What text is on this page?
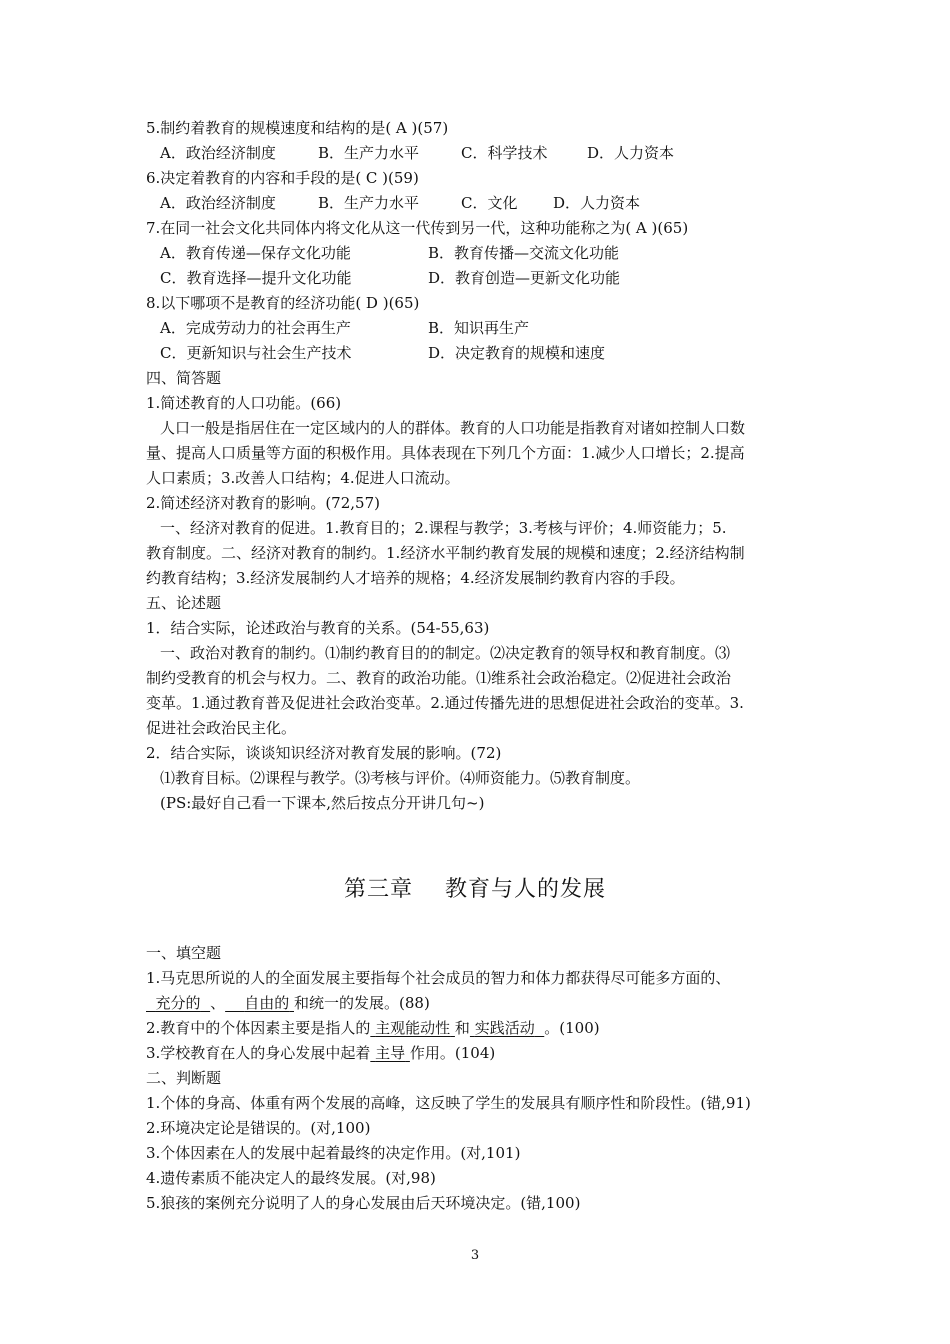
5.制约着教育的规模速度和结构的是( A )(57)
A．政治经济制度	B．生产力水平	C．科学技术	D．人力资本
6.决定着教育的内容和手段的是( C )(59)
A．政治经济制度	B．生产力水平	C．文化 D．人力资本
7.在同一社会文化共同体内将文化从这一代传到另一代，这种功能称之为( A )(65)
A．教育传递—保存文化功能	B．教育传播—交流文化功能
C．教育选择—提升文化功能	D．教育创造—更新文化功能
8.以下哪项不是教育的经济功能( D )(65)
A．完成劳动力的社会再生产	B．知识再生产
C．更新知识与社会生产技术	D．决定教育的规模和速度
四、简答题
1.简述教育的人口功能。(66)
人口一般是指居住在一定区域内的人的群体。教育的人口功能是指教育对诸如控制人口数
量、提高人口质量等方面的积极作用。具体表现在下列几个方面：1.减少人口增长；2.提高
人口素质；3.改善人口结构；4.促进人口流动。
2.简述经济对教育的影响。(72,57)
一、经济对教育的促进。1.教育目的；2.课程与教学；3.考核与评价；4.师资能力；5.
教育制度。二、经济对教育的制约。1.经济水平制约教育发展的规模和速度；2.经济结构制
约教育结构；3.经济发展制约人才培养的规格；4.经济发展制约教育内容的手段。
五、论述题
1．结合实际，论述政治与教育的关系。(54-55,63)
一、政治对教育的制约。⑴制约教育目的的制定。⑵决定教育的领导权和教育制度。⑶
制约受教育的机会与权力。二、教育的政治功能。⑴维系社会政治稳定。⑵促进社会政治
变革。1.通过教育普及促进社会政治变革。2.通过传播先进的思想促进社会政治的变革。3.
促进社会政治民主化。
2．结合实际，谈谈知识经济对教育发展的影响。(72)
⑴教育目标。⑵课程与教学。⑶考核与评价。⑷师资能力。⑸教育制度。
(PS:最好自己看一下课本,然后按点分开讲几句~)
第三章 教育与人的发展
一、填空题
1.马克思所说的人的全面发展主要指每个社会成员的智力和体力都获得尽可能多方面的、
充分的 、 自由的 和统一的发展。(88)
2.教育中的个体因素主要是指人的 主观能动性 和 实践活动 。(100)
3.学校教育在人的身心发展中起着 主导 作用。(104)
二、判断题
1.个体的身高、体重有两个发展的高峰，这反映了学生的发展具有顺序性和阶段性。(错,91)
2.环境决定论是错误的。(对,100)
3.个体因素在人的发展中起着最终的决定作用。(对,101)
4.遗传素质不能决定人的最终发展。(对,98)
5.狼孩的案例充分说明了人的身心发展由后天环境决定。(错,100)
3
